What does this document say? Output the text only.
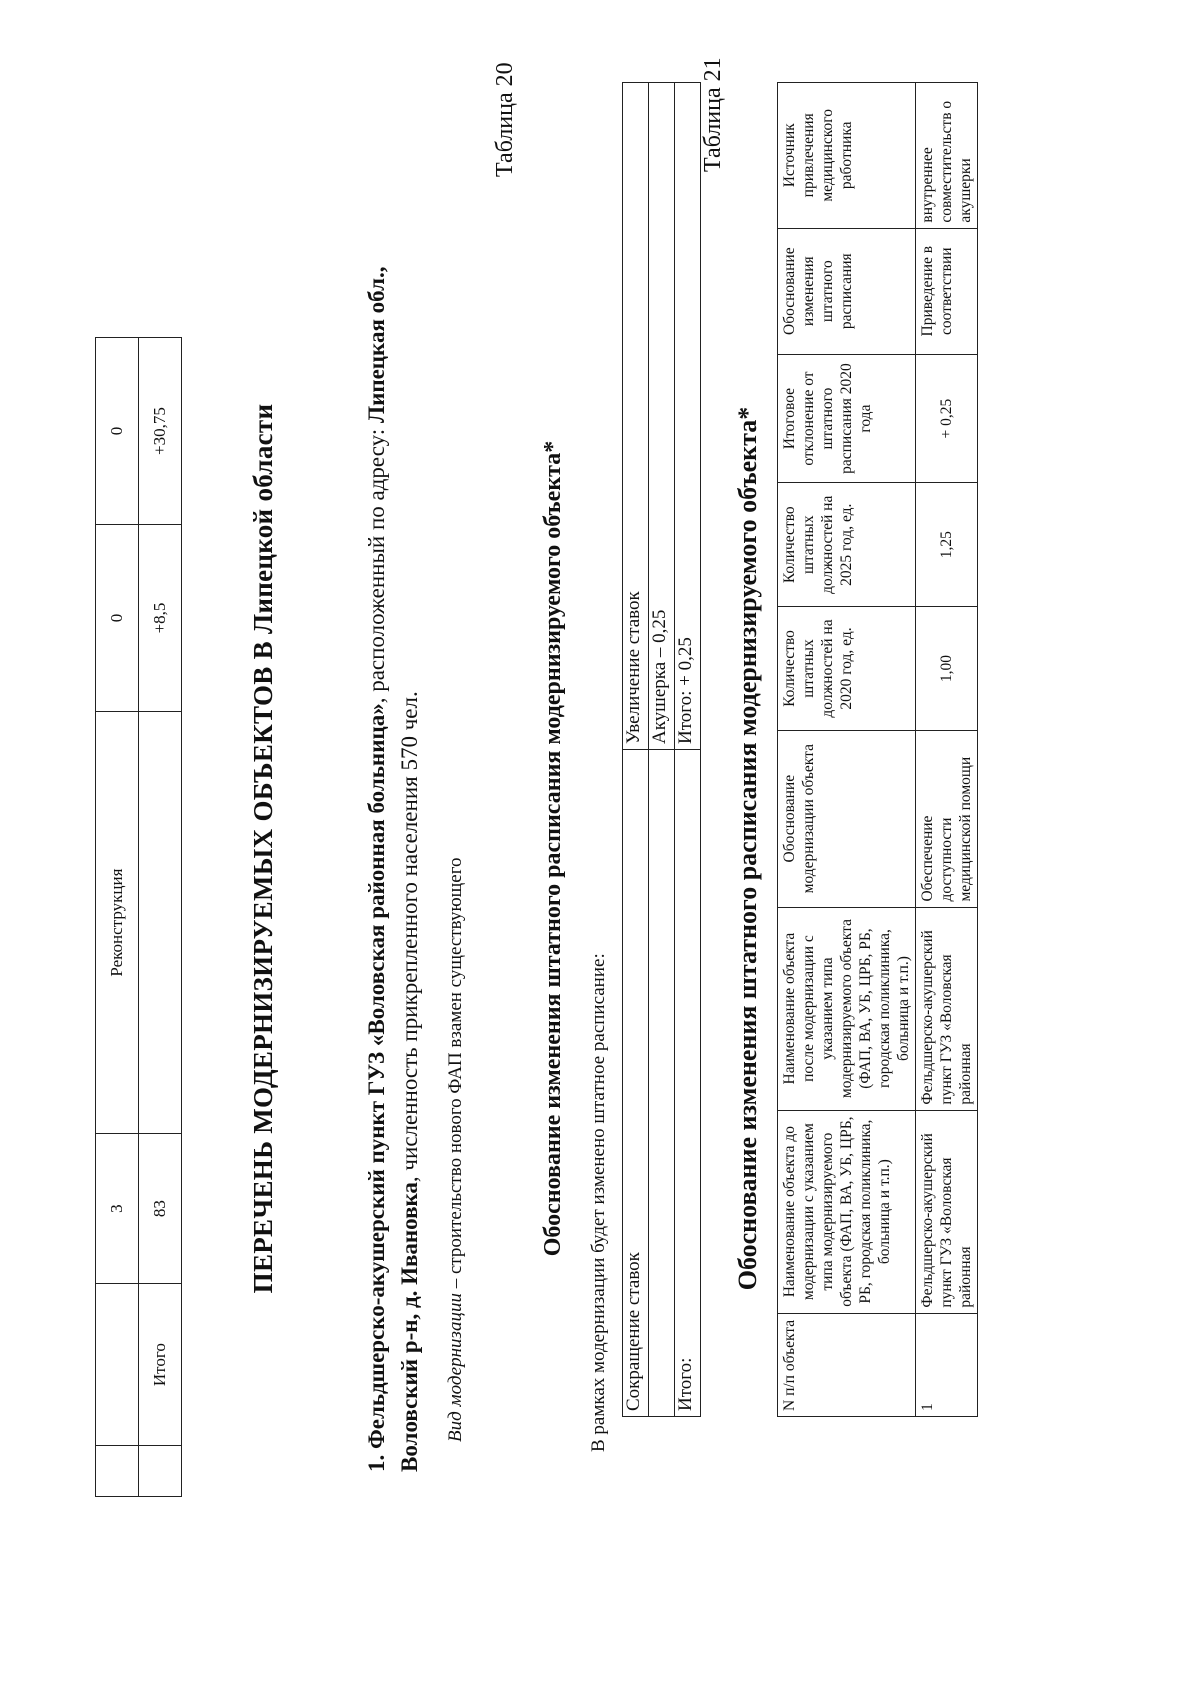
		3	Реконструкция	0	0
	Итого	83		+8,5	+30,75	ПЕРЕЧЕНЬ МОДЕРНИЗИРУЕМЫХ ОБЪЕКТОВ В Липецкой области
1. Фельдшерско-акушерский пункт ГУЗ «Воловская районная больница», расположенный по адресу: Липецкая обл., Воловский р-н, д. Ивановка, численность прикрепленного населения 570 чел.
Вид модернизации – строительство нового ФАП взамен существующего
Таблица 20
Обоснование изменения штатного расписания модернизируемого объекта* В рамках модернизации будет изменено штатное расписание: Сокращение ставок	Увеличение ставок
	Акушерка – 0,25
Итого:	Итого: + 0,25
Таблица 21
Обоснование изменения штатного расписания модернизируемого объекта*
N п/п объекта	Наименование объекта до модернизации с указанием типа модернизируемого объекта (ФАП, ВА, УБ, ЦРБ, РБ, городская поликлиника, больница и т.п.)	Наименование объекта после модернизации с указанием типа модернизируемого объекта (ФАП, ВА, УБ, ЦРБ, РБ, городская поликлиника, больница и т.п.)	Обоснование модернизации объекта	Количество штатных должностей на 2020 год, ед.	Количество штатных должностей на 2025 год, ед.	Итоговое отклонение от штатного расписания 2020 года	Обоснование изменения штатного расписания	Источник привлечения медицинского работника
1	Фельдшерско-акушерский пункт ГУЗ «Воловская районная	Фельдшерско-акушерский пункт ГУЗ «Воловская районная	Обеспечение доступности медицинской помощи	1,00	1,25	+ 0,25	Приведение в соответствии	внутреннее совместительств о акушерки
